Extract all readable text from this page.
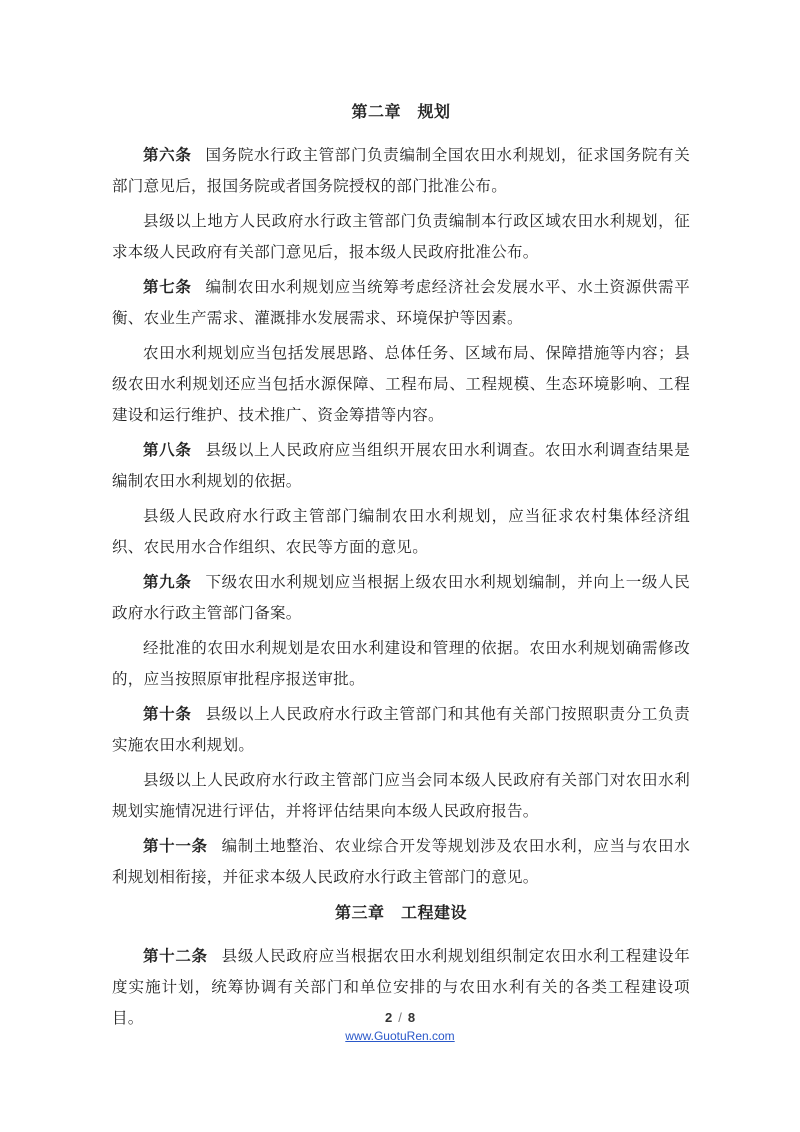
第二章　规划

第六条 国务院水行政主管部门负责编制全国农田水利规划，征求国务院有关部门意见后，报国务院或者国务院授权的部门批准公布。

县级以上地方人民政府水行政主管部门负责编制本行政区域农田水利规划，征求本级人民政府有关部门意见后，报本级人民政府批准公布。

第七条 编制农田水利规划应当统筹考虑经济社会发展水平、水土资源供需平衡、农业生产需求、灌溉排水发展需求、环境保护等因素。

农田水利规划应当包括发展思路、总体任务、区域布局、保障措施等内容；县级农田水利规划还应当包括水源保障、工程布局、工程规模、生态环境影响、工程建设和运行维护、技术推广、资金筹措等内容。

第八条 县级以上人民政府应当组织开展农田水利调查。农田水利调查结果是编制农田水利规划的依据。

县级人民政府水行政主管部门编制农田水利规划，应当征求农村集体经济组织、农民用水合作组织、农民等方面的意见。

第九条 下级农田水利规划应当根据上级农田水利规划编制，并向上一级人民政府水行政主管部门备案。

经批准的农田水利规划是农田水利建设和管理的依据。农田水利规划确需修改的，应当按照原审批程序报送审批。

第十条 县级以上人民政府水行政主管部门和其他有关部门按照职责分工负责实施农田水利规划。

县级以上人民政府水行政主管部门应当会同本级人民政府有关部门对农田水利规划实施情况进行评估，并将评估结果向本级人民政府报告。

第十一条 编制土地整治、农业综合开发等规划涉及农田水利，应当与农田水利规划相衔接，并征求本级人民政府水行政主管部门的意见。

第三章　工程建设

第十二条 县级人民政府应当根据农田水利规划组织制定农田水利工程建设年度实施计划，统筹协调有关部门和单位安排的与农田水利有关的各类工程建设项目。	2 / 8
www.GuotuRen.com
